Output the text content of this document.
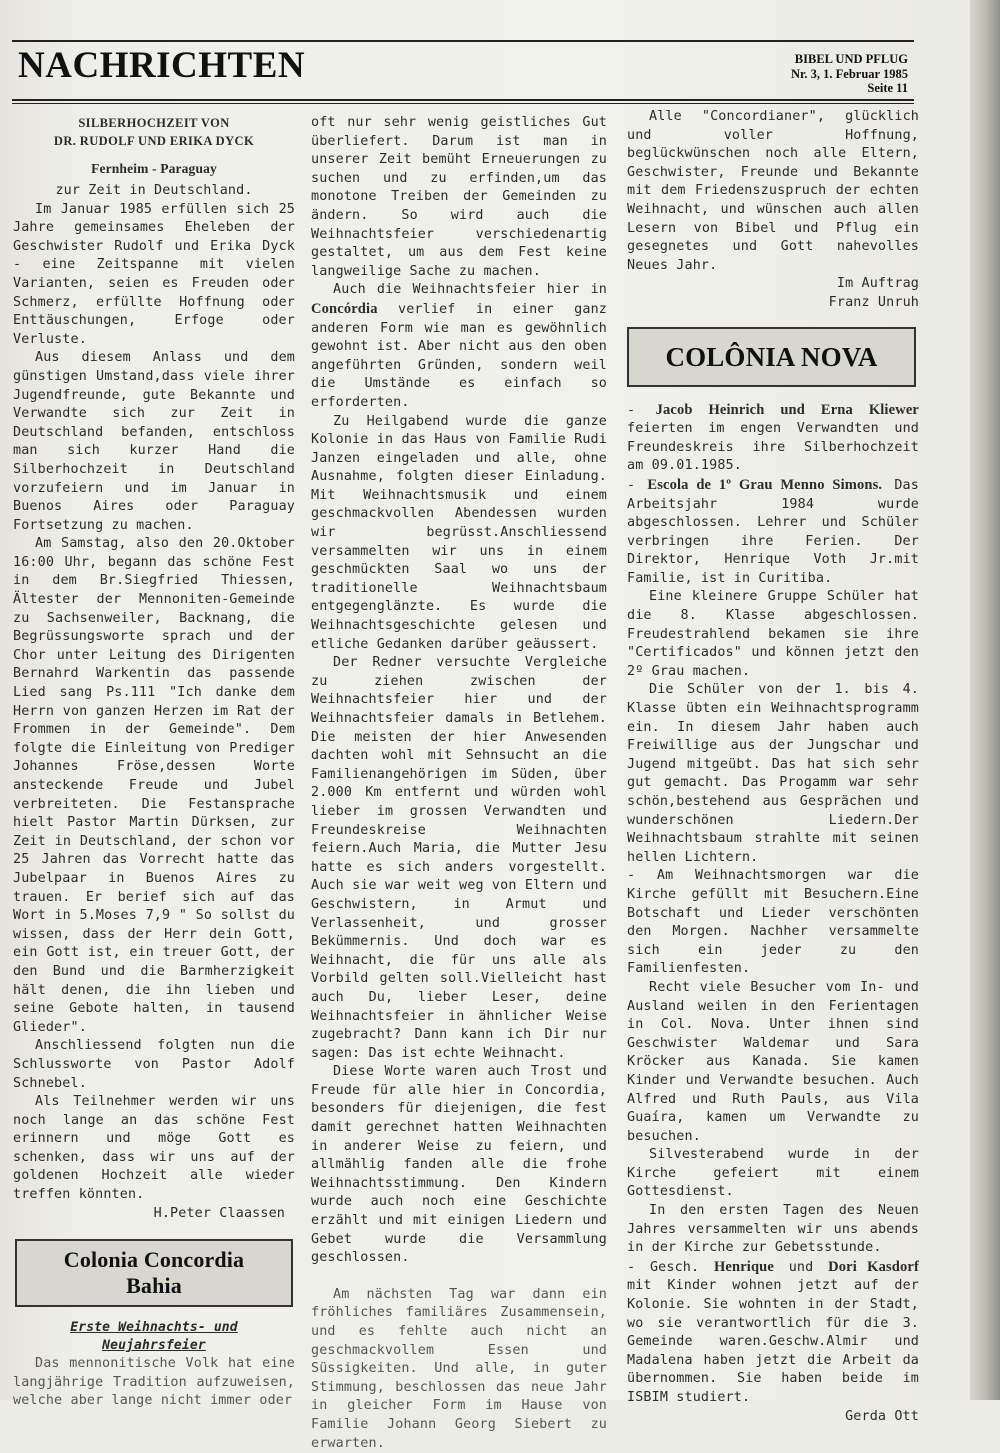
NACHRICHTEN	BIBEL UND PFLUG
Nr. 3, 1. Februar 1985
Seite 11
SILBERHOCHZEIT VON
DR. RUDOLF UND ERIKA DYCK
Fernheim - Paraguay
zur Zeit in Deutschland.

Im Januar 1985 erfüllen sich 25 Jahre gemeinsames Eheleben der Geschwister Rudolf und Erika Dyck - eine Zeitspanne mit vielen Varianten, seien es Freuden oder Schmerz, erfüllte Hoffnung oder Enttäuschungen, Erfoge oder Verluste.

Aus diesem Anlass und dem günstigen Umstand,dass viele ihrer Jugendfreunde, gute Bekannte und Verwandte sich zur Zeit in Deutschland befanden, entschloss man sich kurzer Hand die Silberhochzeit in Deutschland vorzufeiern und im Januar in Buenos Aires oder Paraguay Fortsetzung zu machen.

Am Samstag, also den 20.Oktober 16:00 Uhr, begann das schöne Fest in dem Br.Siegfried Thiessen, Ältester der Mennoniten-Gemeinde zu Sachsenweiler, Backnang, die Begrüssungsworte sprach und der Chor unter Leitung des Dirigenten Bernahrd Warkentin das passende Lied sang Ps.111 "Ich danke dem Herrn von ganzen Herzen im Rat der Frommen in der Gemeinde". Dem folgte die Einleitung von Prediger Johannes Fröse,dessen Worte ansteckende Freude und Jubel verbreiteten. Die Festansprache hielt Pastor Martin Dürksen, zur Zeit in Deutschland, der schon vor 25 Jahren das Vorrecht hatte das Jubelpaar in Buenos Aires zu trauen. Er berief sich auf das Wort in 5.Moses 7,9 " So sollst du wissen, dass der Herr dein Gott, ein Gott ist, ein treuer Gott, der den Bund und die Barmherzigkeit hält denen, die ihn lieben und seine Gebote halten, in tausend Glieder".

Anschliessend folgten nun die Schlussworte von Pastor Adolf Schnebel.

Als Teilnehmer werden wir uns noch lange an das schöne Fest erinnern und möge Gott es schenken, dass wir uns auf der goldenen Hochzeit alle wieder treffen könnten.

H.Peter Claassen
Colonia Concordia
Bahia
Erste Weihnachts- und
Neujahrsfeier

Das mennonitische Volk hat eine langjährige Tradition aufzuweisen, welche aber lange nicht immer oder

oft nur sehr wenig geistliches Gut überliefert. Darum ist man in unserer Zeit bemüht Erneuerungen zu suchen und zu erfinden,um das monotone Treiben der Gemeinden zu ändern. So wird auch die Weihnachtsfeier verschiedenartig gestaltet, um aus dem Fest keine langweilige Sache zu machen.

Auch die Weihnachtsfeier hier in Concórdia verlief in einer ganz anderen Form wie man es gewöhnlich gewohnt ist. Aber nicht aus den oben angeführten Gründen, sondern weil die Umstände es einfach so erforderten.

Zu Heilgabend wurde die ganze Kolonie in das Haus von Familie Rudi Janzen eingeladen und alle, ohne Ausnahme, folgten dieser Einladung. Mit Weihnachtsmusik und einem geschmackvollen Abendessen wurden wir begrüsst.Anschliessend versammelten wir uns in einem geschmückten Saal wo uns der traditionelle Weihnachtsbaum entgegenglänzte. Es wurde die Weihnachtsgeschichte gelesen und etliche Gedanken darüber geäussert.

Der Redner versuchte Vergleiche zu ziehen zwischen der Weihnachtsfeier hier und der Weihnachtsfeier damals in Betlehem. Die meisten der hier Anwesenden dachten wohl mit Sehnsucht an die Familienangehörigen im Süden, über 2.000 Km entfernt und würden wohl lieber im grossen Verwandten und Freundeskreise Weihnachten feiern.Auch Maria, die Mutter Jesu hatte es sich anders vorgestellt. Auch sie war weit weg von Eltern und Geschwistern, in Armut und Verlassenheit, und grosser Bekümmernis. Und doch war es Weihnacht, die für uns alle als Vorbild gelten soll.Vielleicht hast auch Du, lieber Leser, deine Weihnachtsfeier in ähnlicher Weise zugebracht? Dann kann ich Dir nur sagen: Das ist echte Weihnacht.

Diese Worte waren auch Trost und Freude für alle hier in Concordia, besonders für diejenigen, die fest damit gerechnet hatten Weihnachten in anderer Weise zu feiern, und allmählig fanden alle die frohe Weihnachtsstimmung. Den Kindern wurde auch noch eine Geschichte erzählt und mit einigen Liedern und Gebet wurde die Versammlung geschlossen.

Am nächsten Tag war dann ein fröhliches familiäres Zusammensein, und es fehlte auch nicht an geschmackvollem Essen und Süssigkeiten. Und alle, in guter Stimmung, beschlossen das neue Jahr in gleicher Form im Hause von Familie Johann Georg Siebert zu erwarten.

Alle "Concordianer", glücklich und voller Hoffnung, beglückwünschen noch alle Eltern, Geschwister, Freunde und Bekannte mit dem Friedenszuspruch der echten Weihnacht, und wünschen auch allen Lesern von Bibel und Pflug ein gesegnetes und Gott nahevolles Neues Jahr.

Im Auftrag
Franz Unruh
COLÔNIA NOVA

- Jacob Heinrich und Erna Kliewer feierten im engen Verwandten und Freundeskreis ihre Silberhochzeit am 09.01.1985.

- Escola de 1º Grau Menno Simons. Das Arbeitsjahr 1984 wurde abgeschlossen. Lehrer und Schüler verbringen ihre Ferien. Der Direktor, Henrique Voth Jr.mit Familie, ist in Curitiba.

Eine kleinere Gruppe Schüler hat die 8. Klasse abgeschlossen. Freudestrahlend bekamen sie ihre "Certificados" und können jetzt den 2º Grau machen.

Die Schüler von der 1. bis 4. Klasse übten ein Weihnachtsprogramm ein. In diesem Jahr haben auch Freiwillige aus der Jungschar und Jugend mitgeübt. Das hat sich sehr gut gemacht. Das Progamm war sehr schön,bestehend aus Gesprächen und wunderschönen Liedern.Der Weihnachtsbaum strahlte mit seinen hellen Lichtern.

- Am Weihnachtsmorgen war die Kirche gefüllt mit Besuchern.Eine Botschaft und Lieder verschönten den Morgen. Nachher versammelte sich ein jeder zu den Familienfesten.

Recht viele Besucher vom In- und Ausland weilen in den Ferientagen in Col. Nova. Unter ihnen sind Geschwister Waldemar und Sara Kröcker aus Kanada. Sie kamen Kinder und Verwandte besuchen. Auch Alfred und Ruth Pauls, aus Vila Guaíra, kamen um Verwandte zu besuchen.

Silvesterabend wurde in der Kirche gefeiert mit einem Gottesdienst.

In den ersten Tagen des Neuen Jahres versammelten wir uns abends in der Kirche zur Gebetsstunde.

- Gesch. Henrique und Dori Kasdorf mit Kinder wohnen jetzt auf der Kolonie. Sie wohnten in der Stadt, wo sie verantwortlich für die 3. Gemeinde waren.Geschw.Almir und Madalena haben jetzt die Arbeit da übernommen. Sie haben beide im ISBIM studiert.

Gerda Ott
